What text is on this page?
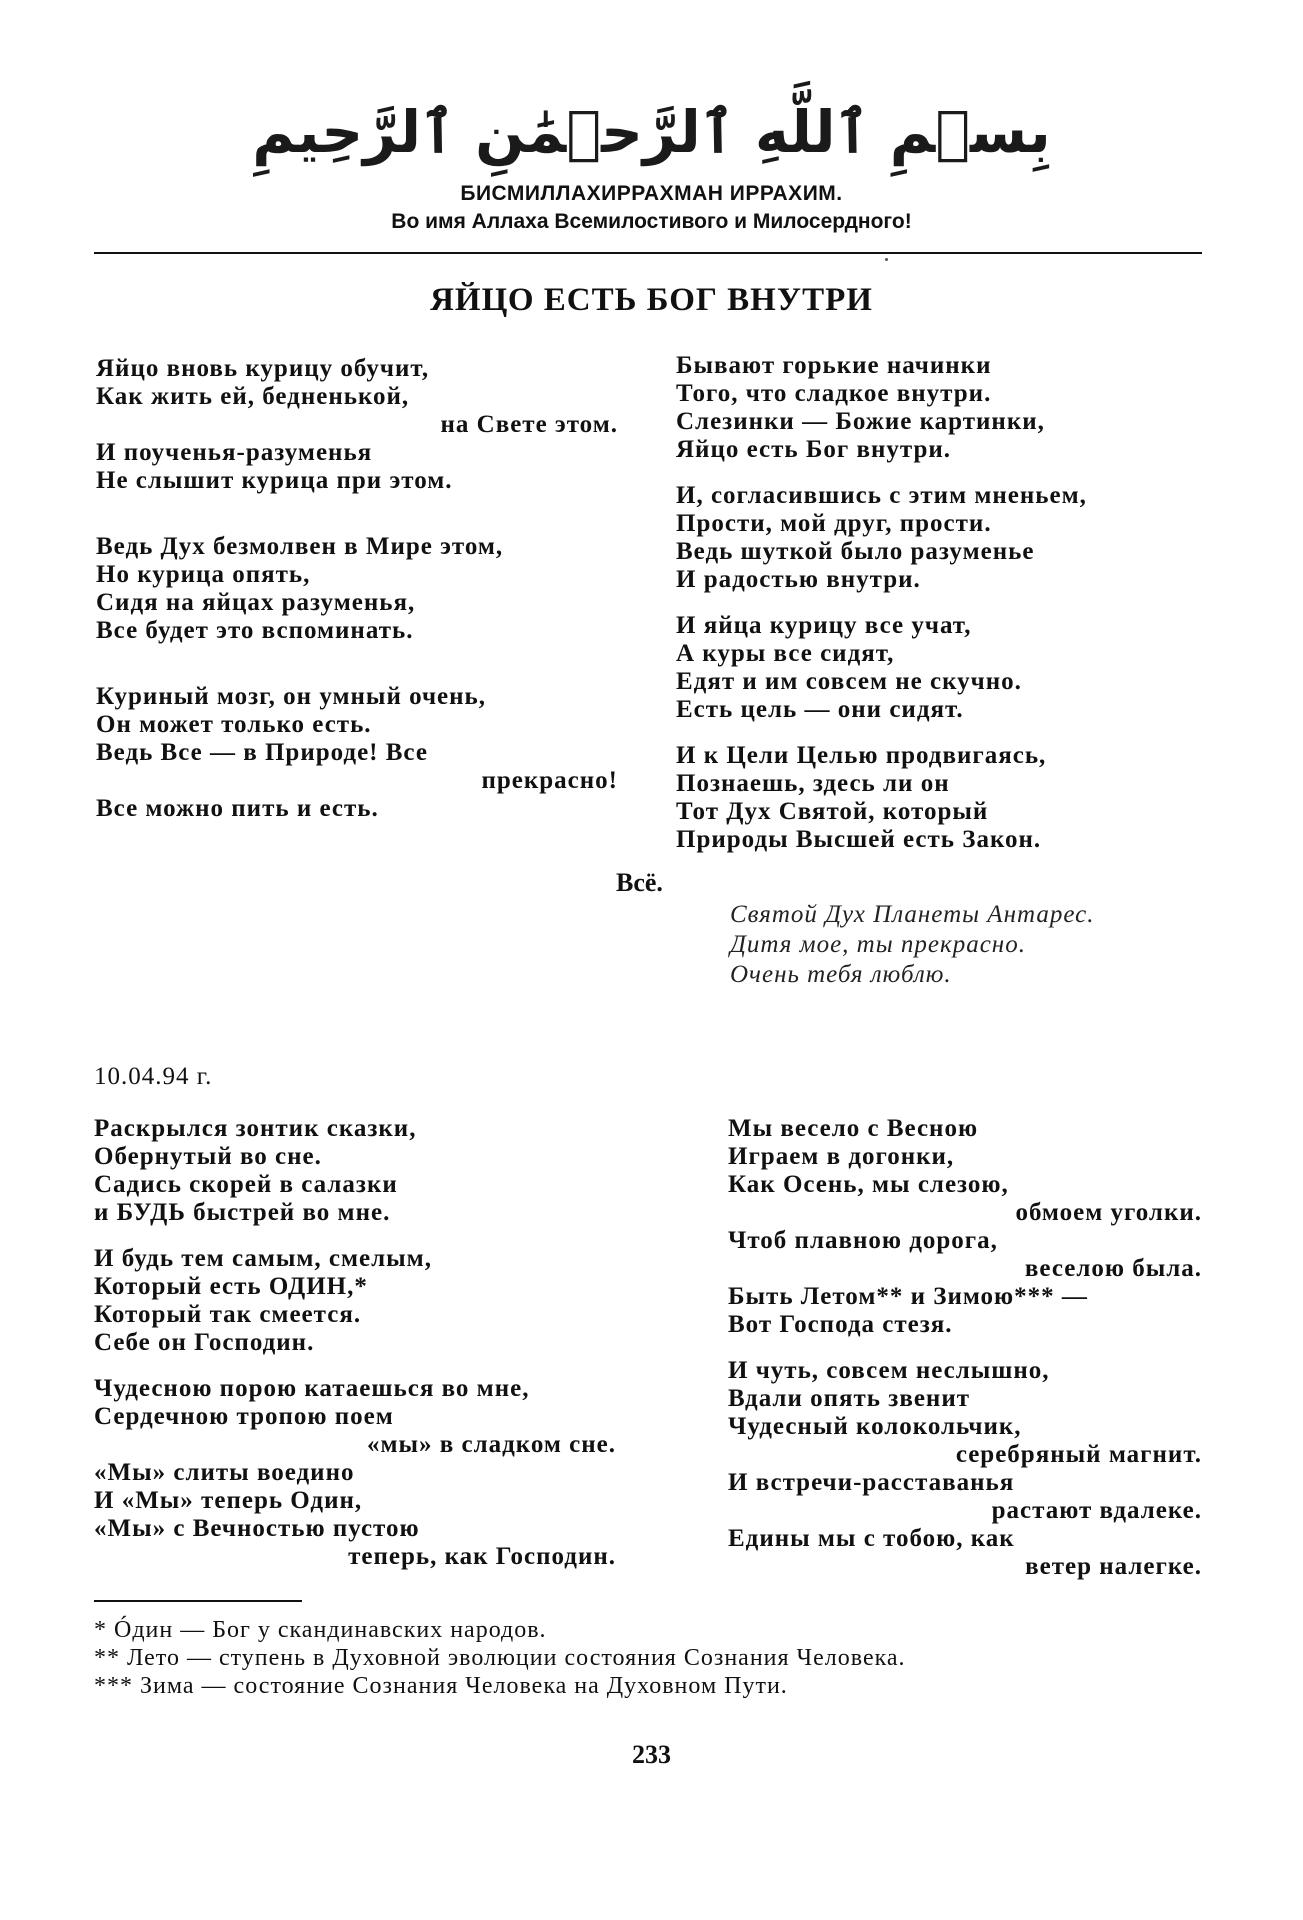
بِسۡمِ ٱللَّهِ ٱلرَّحۡمَٰنِ ٱلرَّحِيمِ
БИСМИЛЛАХИРРАХМАН ИРРАХИМ.
Во имя Аллаха Всемилостивого и Милосердного!
ЯЙЦО ЕСТЬ БОГ ВНУТРИ
Яйцо вновь курицу обучит,
Как жить ей, бедненькой,
на Свете этом.
И поученья-разуменья
Не слышит курица при этом.
Ведь Дух безмолвен в Мире этом,
Но курица опять,
Сидя на яйцах разуменья,
Все будет это вспоминать.
Куриный мозг, он умный очень,
Он может только есть.
Ведь Все — в Природе! Все
прекрасно!
Все можно пить и есть.
Бывают горькие начинки
Того, что сладкое внутри.
Слезинки — Божие картинки,
Яйцо есть Бог внутри.
И, согласившись с этим мненьем,
Прости, мой друг, прости.
Ведь шуткой было разуменье
И радостью внутри.
И яйца курицу все учат,
А куры все сидят,
Едят и им совсем не скучно.
Есть цель — они сидят.
И к Цели Целью продвигаясь,
Познаешь, здесь ли он
Тот Дух Святой, который
Природы Высшей есть Закон.
Всё.
Святой Дух Планеты Антарес.
Дитя мое, ты прекрасно.
Очень тебя люблю.
10.04.94 г.
Раскрылся зонтик сказки,
Обернутый во сне.
Садись скорей в салазки
и БУДЬ быстрей во мне.
И будь тем самым, смелым,
Который есть ОДИН,*
Который так смеется.
Себе он Господин.
Чудесною порою катаешься во мне,
Сердечною тропою поем
«мы» в сладком сне.
«Мы» слиты воедино
И «Мы» теперь Один,
«Мы» с Вечностью пустою
теперь, как Господин.
Мы весело с Весною
Играем в догонки,
Как Осень, мы слезою,
обмоем уголки.
Чтоб плавною дорога,
веселою была.
Быть Летом** и Зимою*** —
Вот Господа стезя.
И чуть, совсем неслышно,
Вдали опять звенит
Чудесный колокольчик,
серебряный магнит.
И встречи-расставанья
растают вдалеке.
Едины мы с тобою, как
ветер налегке.
* Óдин — Бог у скандинавских народов.
** Лето — ступень в Духовной эволюции состояния Сознания Человека.
*** Зима — состояние Сознания Человека на Духовном Пути.
233
